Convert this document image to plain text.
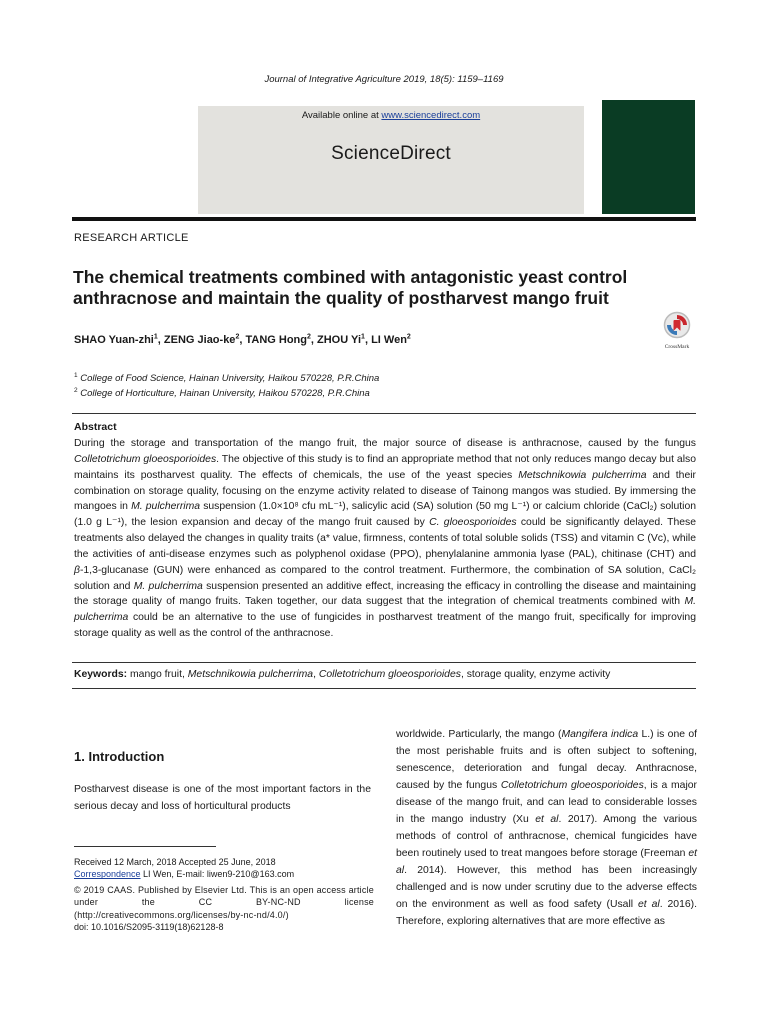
Journal of Integrative Agriculture 2019, 18(5): 1159–1169
Available online at www.sciencedirect.com
ScienceDirect
RESEARCH ARTICLE
The chemical treatments combined with antagonistic yeast control anthracnose and maintain the quality of postharvest mango fruit
SHAO Yuan-zhi$^1$, ZENG Jiao-$ke^2$, TANG Hong$^2$, ZHOU Yi$^1$, LI Wen$^2$
CrossMark
$^1$ College of Food Science, Hainan University, Haikou 570228, P.R.China
$^2$ College of Horticulture, Hainan University, Haikou 570228, P.R.China
Abstract

During the storage and transportation of the mango fruit, the major source of disease is anthracnose, caused by the fungus Colletotrichum gloeosporioides. The objective of this study is to find an appropriate method that not only reduces mango decay but also maintains its postharvest quality. The effects of chemicals, the use of the yeast species Metschnikowia pulcherrima and their combination on storage quality, focusing on the enzyme activity related to disease of Tainong mangos was studied. By immersing the mangoes in M. pulcherrima suspension (1.0×10⁸ cfu mL⁻¹), salicylic acid (SA) solution (50 mg L⁻¹) or calcium chloride (CaCl₂) solution (1.0 g L⁻¹), the lesion expansion and decay of the mango fruit caused by C. gloeosporioides could be significantly delayed. These treatments also delayed the changes in quality traits (a* value, firmness, contents of total soluble solids (TSS) and vitamin C (Vc), while the activities of anti-disease enzymes such as polyphenol oxidase (PPO), phenylalanine ammonia lyase (PAL), chitinase (CHT) and β-1,3-glucanase (GUN) were enhanced as compared to the control treatment. Furthermore, the combination of SA solution, CaCl₂ solution and M. pulcherrima suspension presented an additive effect, increasing the efficacy in controlling the disease and maintaining the storage quality of mango fruits. Taken together, our data suggest that the integration of chemical treatments combined with M. pulcherrima could be an alternative to the use of fungicides in postharvest treatment of the mango fruit, specifically for improving storage quality as well as the control of the anthracnose.

Keywords: mango fruit, Metschnikowia pulcherrima, Colletotrichum gloeosporioides, storage quality, enzyme activity
1. Introduction

Postharvest disease is one of the most important factors in the serious decay and loss of horticultural products

Received 12 March, 2018 Accepted 25 June, 2018
Correspondence LI Wen, E-mail: liwen9-210@163.com
© 2019 CAAS. Published by Elsevier Ltd. This is an open access article under the CC BY-NC-ND license (http://creativecommons.org/licenses/by-nc-nd/4.0/)
doi: 10.1016/S2095-3119(18)62128-8

worldwide. Particularly, the mango (Mangifera indica L.) is one of the most perishable fruits and is often subject to softening, senescence, deterioration and fungal decay. Anthracnose, caused by the fungus Colletotrichum gloeosporioides, is a major disease of the mango fruit, and can lead to considerable losses in the mango industry (Xu et al. 2017). Among the various methods of control of anthracnose, chemical fungicides have been routinely used to treat mangoes before storage (Freeman et al. 2014). However, this method has been increasingly challenged and is now under scrutiny due to the adverse effects on the environment as well as food safety (Usall et al. 2016). Therefore, exploring alternatives that are more effective as
